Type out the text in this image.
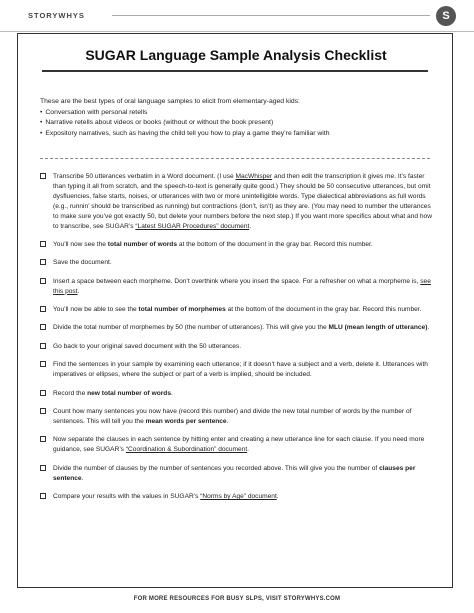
STORYWHYS	S
SUGAR Language Sample Analysis Checklist
These are the best types of oral language samples to elicit from elementary-aged kids:
• Conversation with personal retells
• Narrative retells about videos or books (without or without the book present)
• Expository narratives, such as having the child tell you how to play a game they’re familiar with
Transcribe 50 utterances verbatim in a Word document. (I use MacWhisper and then edit the transcription it gives me. It’s faster than typing it all from scratch, and the speech-to-text is generally quite good.) They should be 50 consecutive utterances, but omit dysfluencies, false starts, noises, or utterances with two or more unintelligible words. Type dialectical abbreviations as full words (e.g., runnin’ should be transcribed as running) but contractions (don’t, isn’t) as they are. (You may need to number the utterances to make sure you’ve got exactly 50, but delete your numbers before the next step.) If you want more specifics about what and how to transcribe, see SUGAR’s “Latest SUGAR Procedures” document.
You’ll now see the total number of words at the bottom of the document in the gray bar. Record this number.
Save the document.
Insert a space between each morpheme. Don’t overthink where you insert the space. For a refresher on what a morpheme is, see this post.
You’ll now be able to see the total number of morphemes at the bottom of the document in the gray bar. Record this number.
Divide the total number of morphemes by 50 (the number of utterances). This will give you the MLU (mean length of utterance).
Go back to your original saved document with the 50 utterances.
Find the sentences in your sample by examining each utterance; if it doesn’t have a subject and a verb, delete it. Utterances with imperatives or ellipses, where the subject or part of a verb is implied, should be included.
Record the new total number of words.
Count how many sentences you now have (record this number) and divide the new total number of words by the number of sentences. This will tell you the mean words per sentence.
Now separate the clauses in each sentence by hitting enter and creating a new utterance line for each clause. If you need more guidance, see SUGAR’s “Coordination & Subordination” document.
Divide the number of clauses by the number of sentences you recorded above. This will give you the number of clauses per sentence.
Compare your results with the values in SUGAR’s “Norms by Age” document.
FOR MORE RESOURCES FOR BUSY SLPS, VISIT STORYWHYS.COM
